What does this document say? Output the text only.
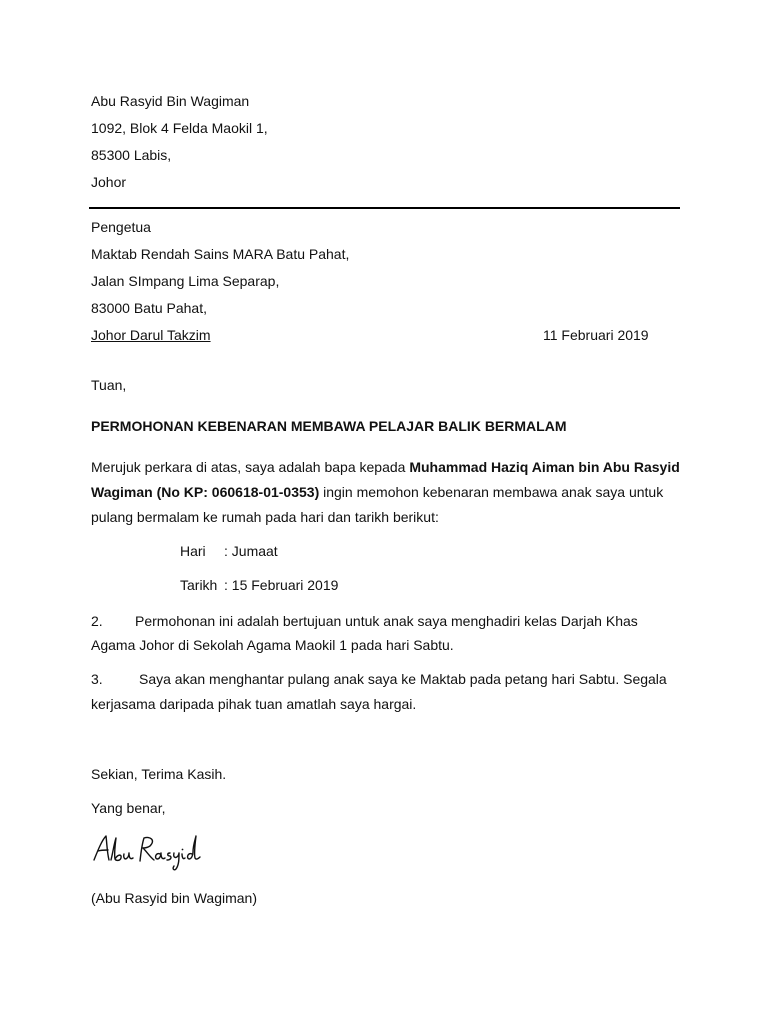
Abu Rasyid Bin Wagiman
1092, Blok 4 Felda Maokil 1,
85300 Labis,
Johor
Pengetua
Maktab Rendah Sains MARA Batu Pahat,
Jalan SImpang Lima Separap,
83000 Batu Pahat,
Johor Darul Takzim	11 Februari 2019
Tuan,
PERMOHONAN KEBENARAN MEMBAWA PELAJAR BALIK BERMALAM
Merujuk perkara di atas, saya adalah bapa kepada Muhammad Haziq Aiman bin Abu Rasyid
Wagiman (No KP: 060618-01-0353) ingin memohon kebenaran membawa anak saya untuk
pulang bermalam ke rumah pada hari dan tarikh berikut:
Hari : Jumaat
Tarikh : 15 Februari 2019
2. Permohonan ini adalah bertujuan untuk anak saya menghadiri kelas Darjah Khas
Agama Johor di Sekolah Agama Maokil 1 pada hari Sabtu.
3.	Saya akan menghantar pulang anak saya ke Maktab pada petang hari Sabtu. Segala
kerjasama daripada pihak tuan amatlah saya hargai.
Sekian, Terima Kasih.
Yang benar,
(Abu Rasyid bin Wagiman)
